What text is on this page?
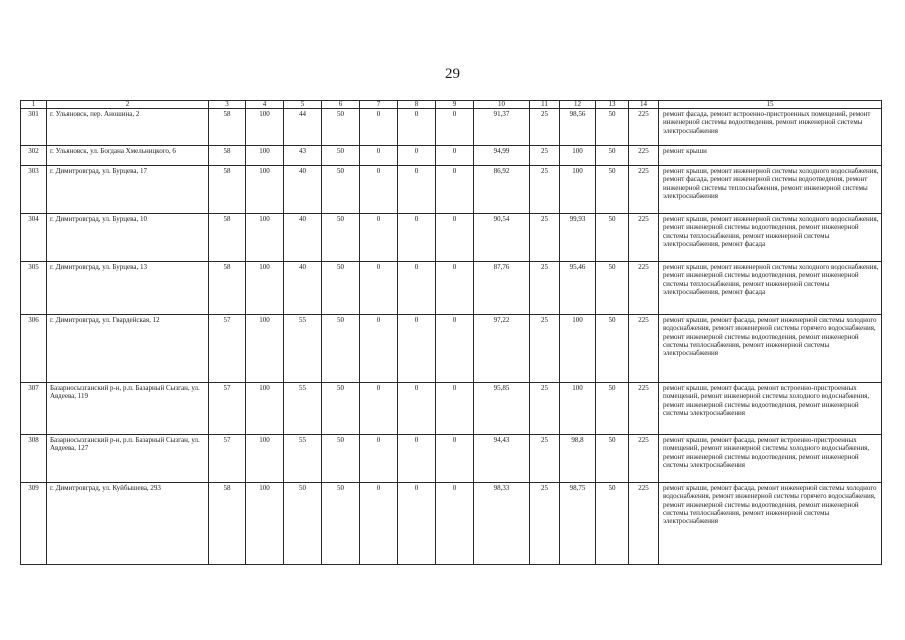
29
1	2	3	4	5	6	7	8	9	10	11	12	13	14	15
301	г. Ульяновск, пер. Аношина, 2	58	100	44	50	0	0	0	91,37	25	98,56	50	225	ремонт фасада, ремонт встроенно-пристроенных помещений, ремонт инженерной системы водоотведения, ремонт инженерной системы электроснабжения
302	г. Ульяновск, ул. Богдана Хмельницкого, 6	58	100	43	50	0	0	0	94,99	25	100	50	225	ремонт крыши
303	г. Димитровград, ул. Бурцева, 17	58	100	40	50	0	0	0	86,92	25	100	50	225	ремонт крыши, ремонт инженерной системы холодного водоснабжения, ремонт фасада, ремонт инженерной системы водоотведения, ремонт инженерной системы теплоснабжения, ремонт инженерной системы электроснабжения
304	г. Димитровград, ул. Бурцева, 10	58	100	40	50	0	0	0	90,54	25	99,93	50	225	ремонт крыши, ремонт инженерной системы холодного водоснабжения, ремонт инженерной системы водоотведения, ремонт инженерной системы теплоснабжения, ремонт инженерной системы электроснабжения, ремонт фасада
305	г. Димитровград, ул. Бурцева, 13	58	100	40	50	0	0	0	87,76	25	95,46	50	225	ремонт крыши, ремонт инженерной системы холодного водоснабжения, ремонт инженерной системы водоотведения, ремонт инженерной системы теплоснабжения, ремонт инженерной системы электроснабжения, ремонт фасада
306	г. Димитровград, ул. Гвардейская, 12	57	100	55	50	0	0	0	97,22	25	100	50	225	ремонт крыши, ремонт фасада, ремонт инженерной системы холодного водоснабжения, ремонт инженерной системы горячего водоснабжения, ремонт инженерной системы водоотведения, ремонт инженерной системы теплоснабжения, ремонт инженерной системы электроснабжения
307	Базарносызганский р-н, р.п. Базарный Сызган, ул. Авдеева, 119	57	100	55	50	0	0	0	95,85	25	100	50	225	ремонт крыши, ремонт фасада, ремонт встроенно-пристроенных помещений, ремонт инженерной системы холодного водоснабжения, ремонт инженерной системы водоотведения, ремонт инженерной системы электроснабжения
308	Базарносызганский р-н, р.п. Базарный Сызган, ул. Авдеева, 127	57	100	55	50	0	0	0	94,43	25	98,8	50	225	ремонт крыши, ремонт фасада, ремонт встроенно-пристроенных помещений, ремонт инженерной системы холодного водоснабжения, ремонт инженерной системы водоотведения, ремонт инженерной системы электроснабжения
309	г. Димитровград, ул. Куйбышева, 293	58	100	50	50	0	0	0	98,33	25	98,75	50	225	ремонт крыши, ремонт фасада, ремонт инженерной системы холодного водоснабжения, ремонт инженерной системы горячего водоснабжения, ремонт инженерной системы водоотведения, ремонт инженерной системы теплоснабжения, ремонт инженерной системы электроснабжения
